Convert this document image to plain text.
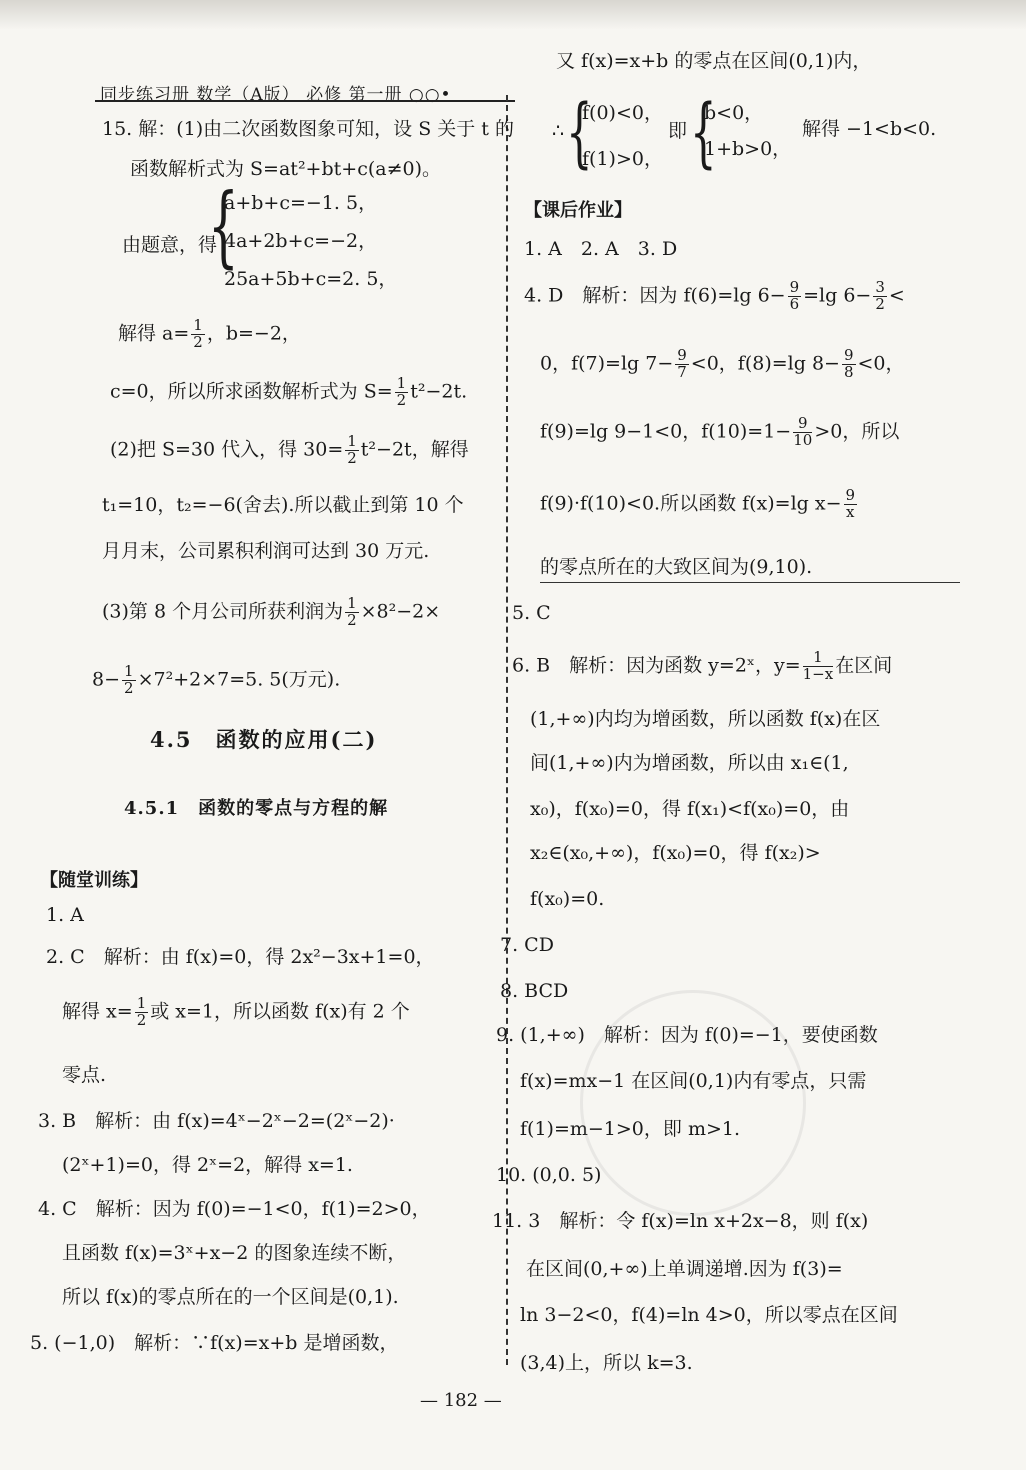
同步练习册 数学（A版） 必修 第一册 ○○•
15. 解：(1)由二次函数图象可知，设 S 关于 t 的
函数解析式为 S=at²+bt+c(a≠0)。
由题意，得
{
a+b+c=−1. 5，
4a+2b+c=−2，
25a+5b+c=2. 5，
解得 $a= \frac{1}{2}$ ，b=−2，
c=0，所以所求函数解析式为 $S= \frac{1}{2} t^2-2t$.
(2)把 S=30 代入，得 $30= \frac{1}{2} t^2-2t$，解得
t₁=10，t₂=−6(舍去).所以截止到第 10 个
月月末，公司累积利润可达到 30 万元.
(3)第 8 个月公司所获利润为 $\frac{1}{2} \times 8^2-2\times$
$8- \frac{1}{2} \times 7^2+2\times 7=5$. 5(万元).
4.5　函数的应用(二)
4.5.1　函数的零点与方程的解
【随堂训练】
1. A
2. C　解析：由 f(x)=0，得 2x²−3x+1=0，
解得 $x= \frac{1}{2}$ 或 x=1，所以函数 f(x)有 2 个
零点.
3. B　解析：由 f(x)=4ˣ−2ˣ−2=(2ˣ−2)·
(2ˣ+1)=0，得 2ˣ=2，解得 x=1.
4. C　解析：因为 f(0)=−1<0，f(1)=2>0，
且函数 f(x)=3ˣ+x−2 的图象连续不断，
所以 f(x)的零点所在的一个区间是(0,1).
5. (−1,0)　解析：∵f(x)=x+b 是增函数，
又 f(x)=x+b 的零点在区间(0,1)内，
∴ {
f(0)<0，
f(1)>0，
即 {
b<0，
1+b>0，
解得 −1<b<0.
【课后作业】
1. A　2. A　3. D
4. D　解析：因为 f(6)=lg $6- \frac{9}{6} =\lg$ $6- \frac{3}{2}$ <
0，f(7)=lg $7- \frac{9}{7} <0$，f(8)=lg $8- \frac{9}{8} <0$，
f(9)=lg 9−1<0，$f(10)=1- \frac{9}{10} >0$，所以
f(9)·f(10)<0.所以函数 f(x)=lg $x- \frac{9}{x}$
的零点所在的大致区间为(9,10).
5. C
6. B　解析：因为函数 y=2ˣ，$y= \frac{1}{1-x}$ 在区间
(1,+∞)内均为增函数，所以函数 f(x)在区
间(1,+∞)内为增函数，所以由 x₁∈(1,
x₀)，f(x₀)=0，得 f(x₁)<f(x₀)=0，由
x₂∈(x₀,+∞)，f(x₀)=0，得 f(x₂)>
f(x₀)=0.
7. CD
8. BCD
9. (1,+∞)　解析：因为 f(0)=−1，要使函数
f(x)=mx−1 在区间(0,1)内有零点，只需
f(1)=m−1>0，即 m>1.
10. (0,0. 5)
11. 3　解析：令 f(x)=ln x+2x−8，则 f(x)
在区间(0,+∞)上单调递增.因为 f(3)=
ln 3−2<0，f(4)=ln 4>0，所以零点在区间
(3,4)上，所以 k=3.
— 182 —
